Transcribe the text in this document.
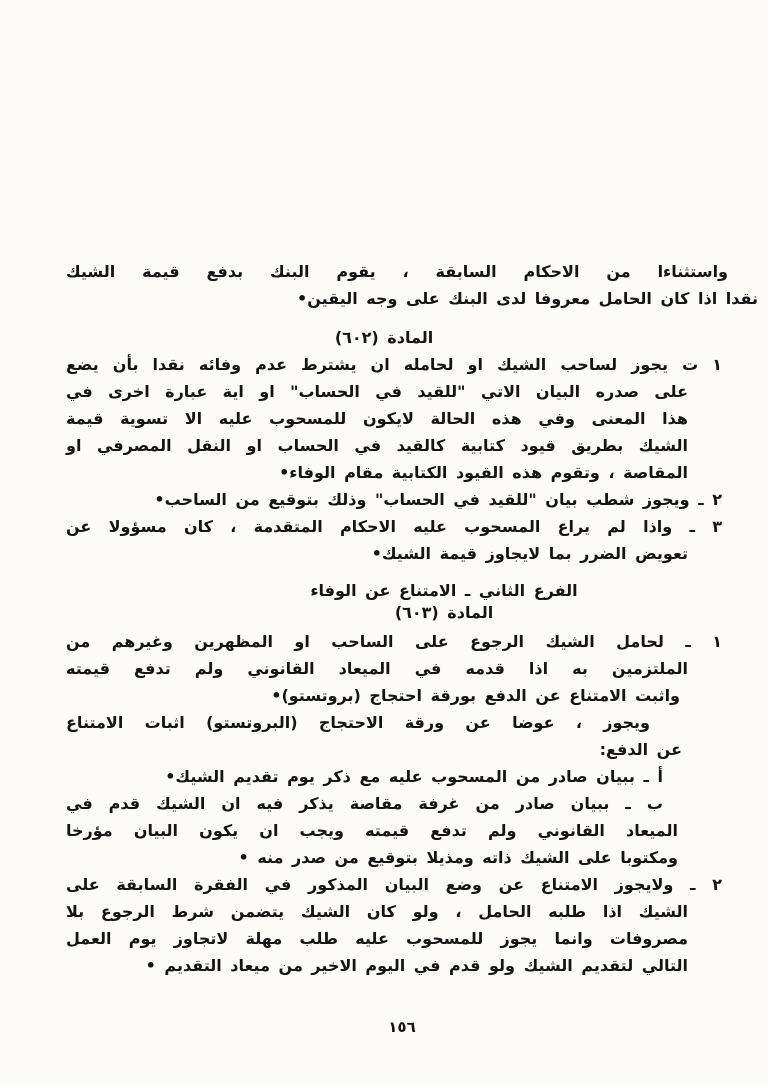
واستثناءا من الاحكام السابقة ، يقوم البنك بدفع قيمة الشيك
نقدا اذا كان الحامل معروفا لدى البنك على وجه اليقين•
المادة (٦٠٢)
١ ت يجوز لساحب الشيك او لحامله ان يشترط عدم وفائه نقدا بأن يضع
على صدره البيان الاتي "للقيد في الحساب" او اية عبارة اخرى في
هذا المعنى وفي هذه الحالة لايكون للمسحوب عليه الا تسوية قيمة
الشيك بطريق قيود كتابية كالقيد في الحساب او النقل المصرفي او
المقاصة ، وتقوم هذه القيود الكتابية مقام الوفاء•
٢ ـ ويجوز شطب بيان "للقيد في الحساب" وذلك بتوقيع من الساحب•
٣ ـ واذا لم يراع المسحوب عليه الاحكام المتقدمة ، كان مسؤولا عن
تعويض الضرر بما لايجاوز قيمة الشيك•
الفرع الثاني ـ الامتناع عن الوفاء
المادة (٦٠٣)
١ ـ لحامل الشيك الرجوع على الساحب او المظهرين وغيرهم من
الملتزمين به اذا قدمه في الميعاد القانوني ولم تدفع قيمته
واثبت الامتناع عن الدفع بورقة احتجاج (بروتستو)•
ويجوز ، عوضا عن ورقة الاحتجاج (البروتستو) اثبات الامتناع
عن الدفع:
أ ـ ببيان صادر من المسحوب عليه مع ذكر يوم تقديم الشيك•
ب ـ ببيان صادر من غرفة مقاصة يذكر فيه ان الشيك قدم في
الميعاد القانوني ولم تدفع قيمته ويجب ان يكون البيان مؤرخا
ومكتوبا على الشيك ذاته ومذيلا بتوقيع من صدر منه •
٢ ـ ولايجوز الامتناع عن وضع البيان المذكور في الفقرة السابقة على
الشيك اذا طلبه الحامل ، ولو كان الشيك يتضمن شرط الرجوع بلا
مصروفات وانما يجوز للمسحوب عليه طلب مهلة لاتجاوز يوم العمل
التالي لتقديم الشيك ولو قدم في اليوم الاخير من ميعاد التقديم •
١٥٦
